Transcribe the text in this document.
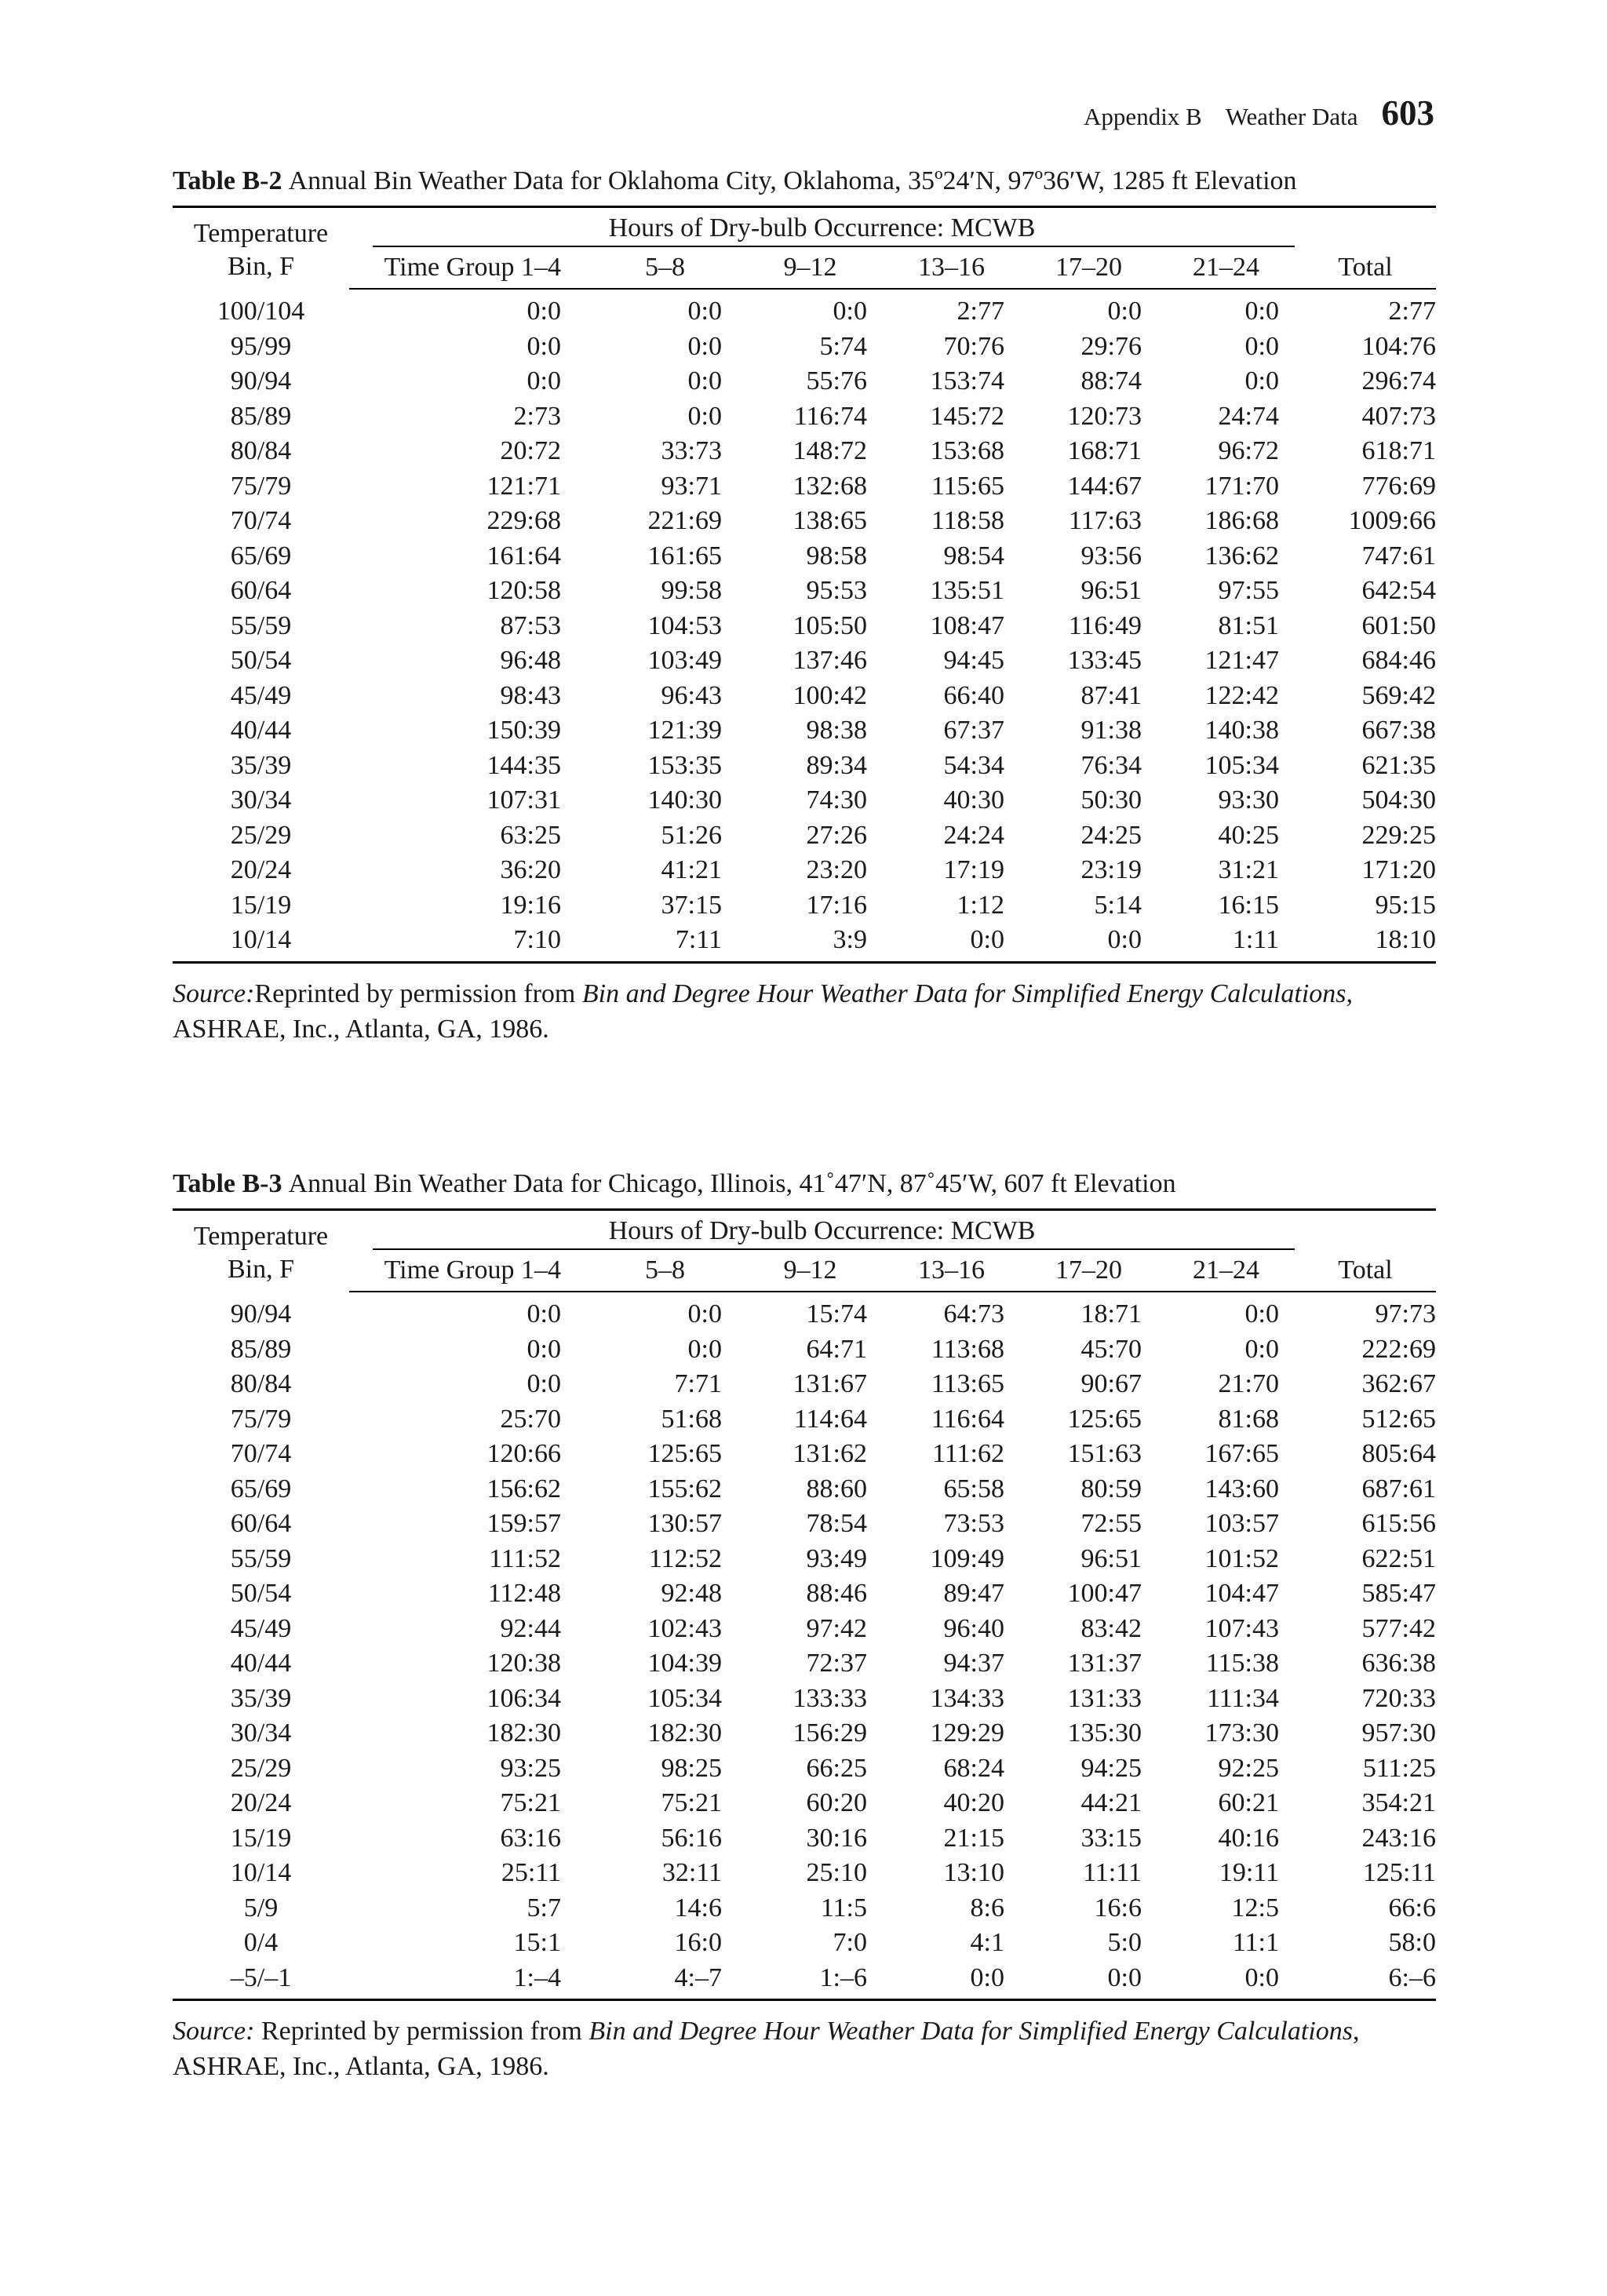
Appendix B Weather Data 603
Table B-2 Annual Bin Weather Data for Oklahoma City, Oklahoma, 35º24′N, 97º36′W, 1285 ft Elevation
Temperature
Bin, F	Hours of Dry-bulb Occurrence: MCWB						
	Time Group 1–4	5–8	9–12	13–16	17–20	21–24	Total
100/104	0:0	0:0	0:0	2:77	0:0	0:0	2:77
95/99	0:0	0:0	5:74	70:76	29:76	0:0	104:76
90/94	0:0	0:0	55:76	153:74	88:74	0:0	296:74
85/89	2:73	0:0	116:74	145:72	120:73	24:74	407:73
80/84	20:72	33:73	148:72	153:68	168:71	96:72	618:71
75/79	121:71	93:71	132:68	115:65	144:67	171:70	776:69
70/74	229:68	221:69	138:65	118:58	117:63	186:68	1009:66
65/69	161:64	161:65	98:58	98:54	93:56	136:62	747:61
60/64	120:58	99:58	95:53	135:51	96:51	97:55	642:54
55/59	87:53	104:53	105:50	108:47	116:49	81:51	601:50
50/54	96:48	103:49	137:46	94:45	133:45	121:47	684:46
45/49	98:43	96:43	100:42	66:40	87:41	122:42	569:42
40/44	150:39	121:39	98:38	67:37	91:38	140:38	667:38
35/39	144:35	153:35	89:34	54:34	76:34	105:34	621:35
30/34	107:31	140:30	74:30	40:30	50:30	93:30	504:30
25/29	63:25	51:26	27:26	24:24	24:25	40:25	229:25
20/24	36:20	41:21	23:20	17:19	23:19	31:21	171:20
15/19	19:16	37:15	17:16	1:12	5:14	16:15	95:15
10/14	7:10	7:11	3:9	0:0	0:0	1:11	18:10
Source:Reprinted by permission from Bin and Degree Hour Weather Data for Simplified Energy Calculations, ASHRAE, Inc., Atlanta, GA, 1986.
Table B-3 Annual Bin Weather Data for Chicago, Illinois, 41˚47′N, 87˚45′W, 607 ft Elevation
Temperature
Bin, F	Hours of Dry-bulb Occurrence: MCWB						
	Time Group 1–4	5–8	9–12	13–16	17–20	21–24	Total
90/94	0:0	0:0	15:74	64:73	18:71	0:0	97:73
85/89	0:0	0:0	64:71	113:68	45:70	0:0	222:69
80/84	0:0	7:71	131:67	113:65	90:67	21:70	362:67
75/79	25:70	51:68	114:64	116:64	125:65	81:68	512:65
70/74	120:66	125:65	131:62	111:62	151:63	167:65	805:64
65/69	156:62	155:62	88:60	65:58	80:59	143:60	687:61
60/64	159:57	130:57	78:54	73:53	72:55	103:57	615:56
55/59	111:52	112:52	93:49	109:49	96:51	101:52	622:51
50/54	112:48	92:48	88:46	89:47	100:47	104:47	585:47
45/49	92:44	102:43	97:42	96:40	83:42	107:43	577:42
40/44	120:38	104:39	72:37	94:37	131:37	115:38	636:38
35/39	106:34	105:34	133:33	134:33	131:33	111:34	720:33
30/34	182:30	182:30	156:29	129:29	135:30	173:30	957:30
25/29	93:25	98:25	66:25	68:24	94:25	92:25	511:25
20/24	75:21	75:21	60:20	40:20	44:21	60:21	354:21
15/19	63:16	56:16	30:16	21:15	33:15	40:16	243:16
10/14	25:11	32:11	25:10	13:10	11:11	19:11	125:11
5/9	5:7	14:6	11:5	8:6	16:6	12:5	66:6
0/4	15:1	16:0	7:0	4:1	5:0	11:1	58:0
–5/–1	1:–4	4:–7	1:–6	0:0	0:0	0:0	6:–6
Source: Reprinted by permission from Bin and Degree Hour Weather Data for Simplified Energy Calculations, ASHRAE, Inc., Atlanta, GA, 1986.
